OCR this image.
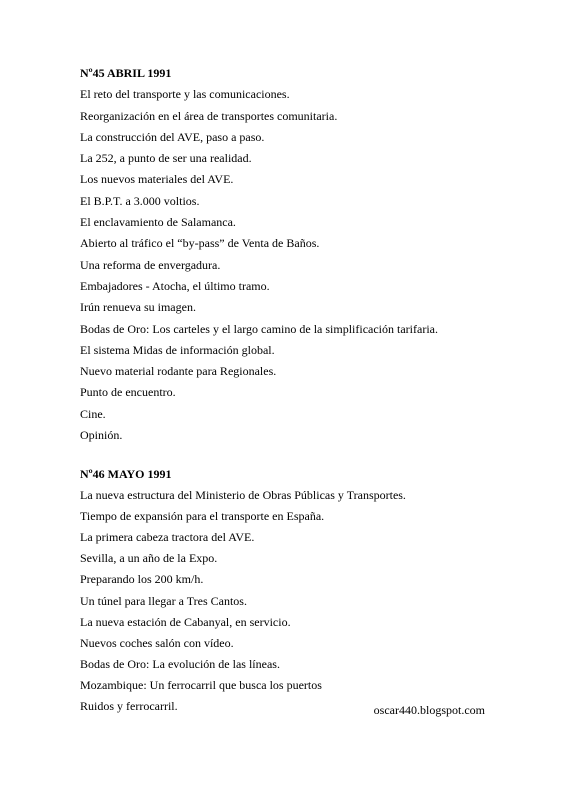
Nº45 ABRIL 1991
El reto del transporte y las comunicaciones.
Reorganización en el área de transportes comunitaria.
La construcción del AVE, paso a paso.
La 252, a punto de ser una realidad.
Los nuevos materiales del AVE.
El B.P.T. a 3.000 voltios.
El enclavamiento de Salamanca.
Abierto al tráfico el “by-pass” de Venta de Baños.
Una reforma de envergadura.
Embajadores - Atocha, el último tramo.
Irún renueva su imagen.
Bodas de Oro: Los carteles y el largo camino de la simplificación tarifaria.
El sistema Midas de información global.
Nuevo material rodante para Regionales.
Punto de encuentro.
Cine.
Opinión.
Nº46 MAYO 1991
La nueva estructura del Ministerio de Obras Públicas y Transportes.
Tiempo de expansión para el transporte en España.
La primera cabeza tractora del AVE.
Sevilla, a un año de la Expo.
Preparando los 200 km/h.
Un túnel para llegar a Tres Cantos.
La nueva estación de Cabanyal, en servicio.
Nuevos coches salón con vídeo.
Bodas de Oro: La evolución de las líneas.
Mozambique: Un ferrocarril que busca los puertos
Ruidos y ferrocarril.	oscar440.blogspot.com
